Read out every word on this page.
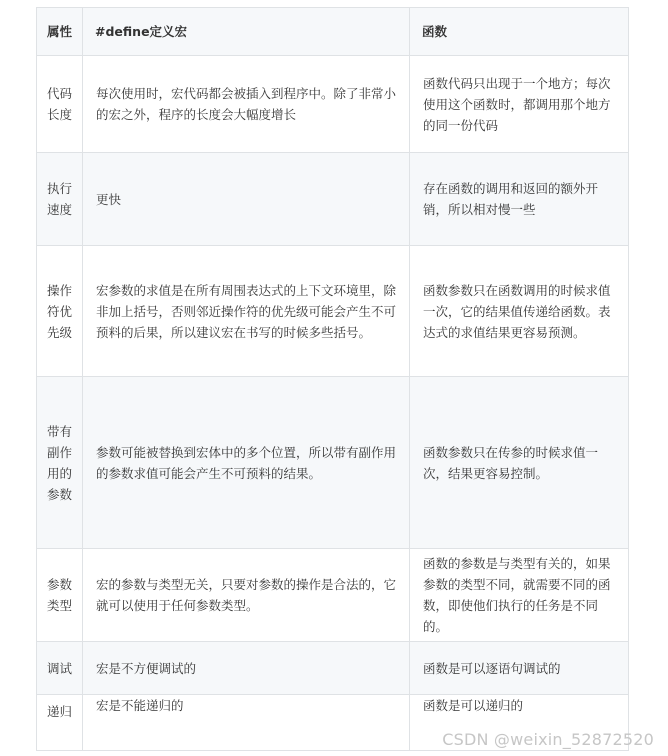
属性	#define定义宏	函数
代码长度	每次使用时，宏代码都会被插入到程序中。除了非常小的宏之外，程序的长度会大幅度增长	函数代码只出现于一个地方；每次使用这个函数时，都调用那个地方的同一份代码
执行速度	更快	存在函数的调用和返回的额外开销，所以相对慢一些
操作符优先级	宏参数的求值是在所有周围表达式的上下文环境里，除非加上括号，否则邻近操作符的优先级可能会产生不可预料的后果，所以建议宏在书写的时候多些括号。	函数参数只在函数调用的时候求值一次，它的结果值传递给函数。表达式的求值结果更容易预测。
带有副作用的参数	参数可能被替换到宏体中的多个位置，所以带有副作用的参数求值可能会产生不可预料的结果。	函数参数只在传参的时候求值一次，结果更容易控制。
参数类型	宏的参数与类型无关，只要对参数的操作是合法的，它就可以使用于任何参数类型。	函数的参数是与类型有关的，如果参数的类型不同，就需要不同的函数，即使他们执行的任务是不同的。
调试	宏是不方便调试的	函数是可以逐语句调试的
递归	宏是不能递归的	函数是可以递归的
CSDN @weixin_52872520
